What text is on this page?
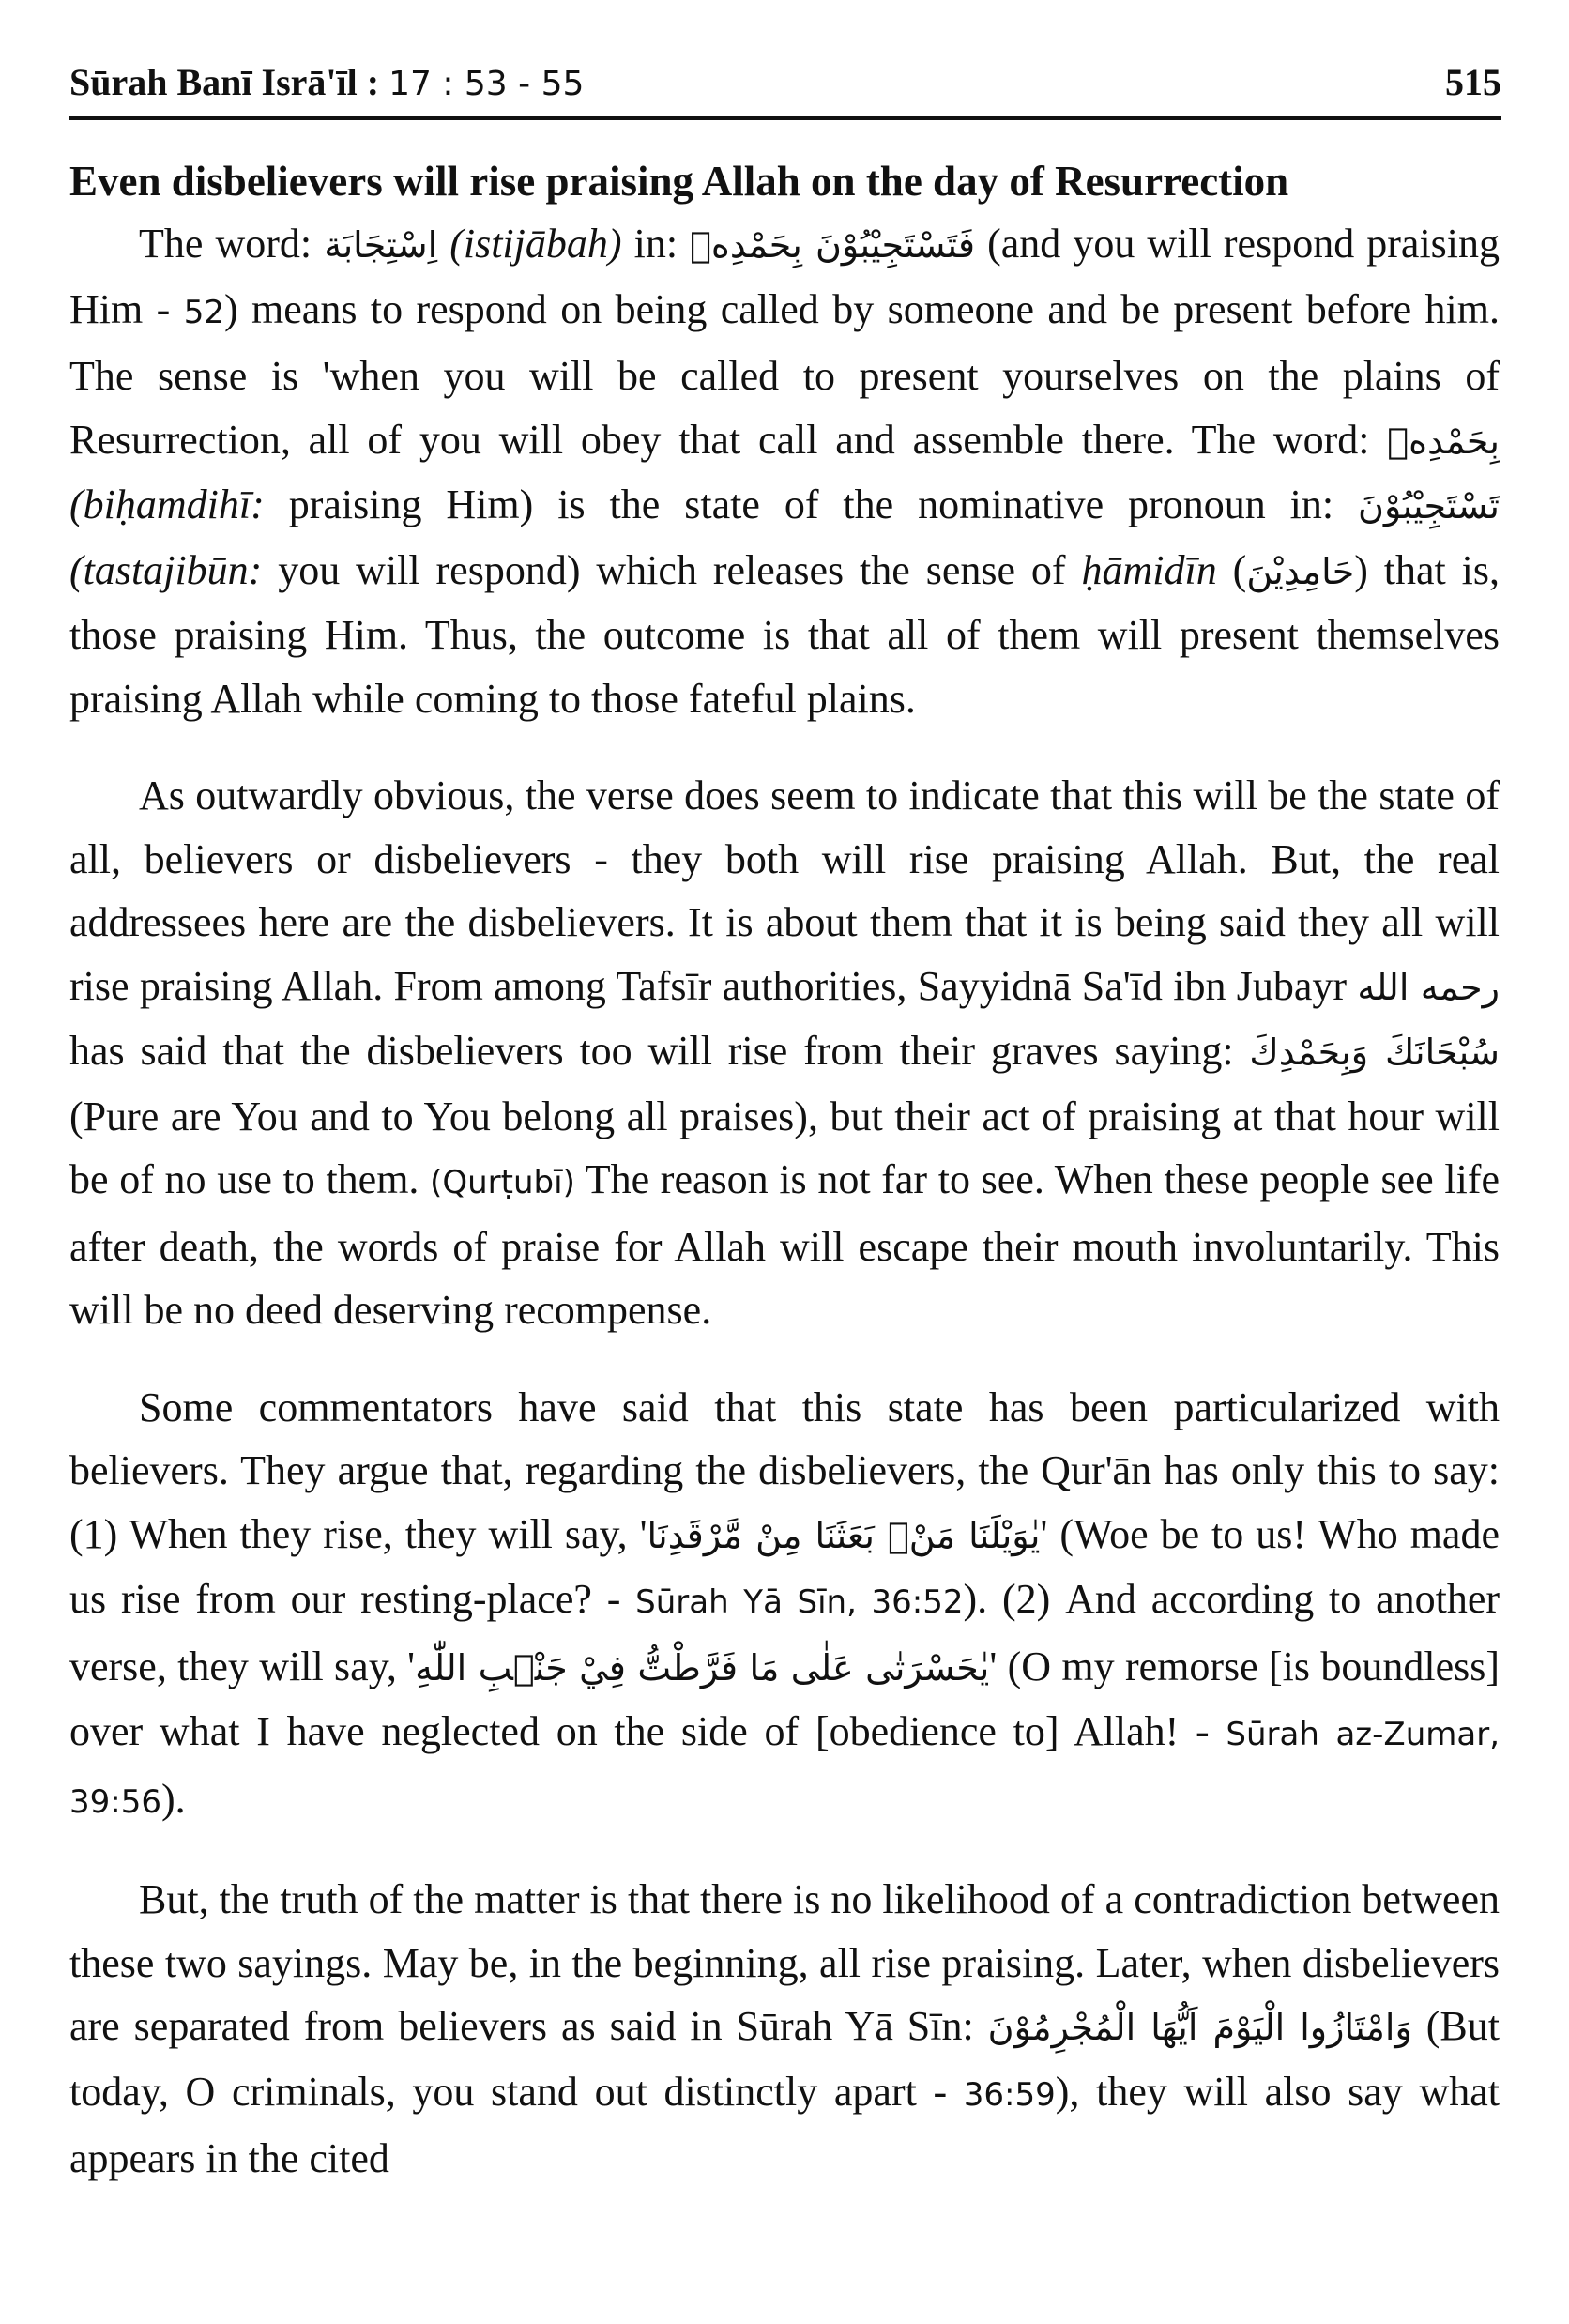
Sūrah Banī Isrā'īl : 17 : 53 - 55	515
Even disbelievers will rise praising Allah on the day of Resurrection

The word: اِسْتِجَابَة (istijābah) in: فَتَسْتَجِيْبُوْنَ بِحَمْدِهٖ (and you will respond praising Him - 52) means to respond on being called by someone and be present before him. The sense is 'when you will be called to present yourselves on the plains of Resurrection, all of you will obey that call and assemble there. The word: بِحَمْدِهٖ (biḥamdihī: praising Him) is the state of the nominative pronoun in: تَسْتَجِيْبُوْنَ (tastajibūn: you will respond) which releases the sense of ḥāmidīn (حَامِدِيْنَ) that is, those praising Him. Thus, the outcome is that all of them will present themselves praising Allah while coming to those fateful plains.

As outwardly obvious, the verse does seem to indicate that this will be the state of all, believers or disbelievers - they both will rise praising Allah. But, the real addressees here are the disbelievers. It is about them that it is being said they all will rise praising Allah. From among Tafsīr authorities, Sayyidnā Sa'īd ibn Jubayr رحمه الله has said that the disbelievers too will rise from their graves saying: سُبْحَانَكَ وَبِحَمْدِكَ (Pure are You and to You belong all praises), but their act of praising at that hour will be of no use to them. (Qurṭubī) The reason is not far to see. When these people see life after death, the words of praise for Allah will escape their mouth involuntarily. This will be no deed deserving recompense.

Some commentators have said that this state has been particularized with believers. They argue that, regarding the disbelievers, the Qur'ān has only this to say: (1) When they rise, they will say, 'يٰوَيْلَنَا مَنْۢ بَعَثَنَا مِنْ مَّرْقَدِنَا' (Woe be to us! Who made us rise from our resting-place? - Sūrah Yā Sīn, 36:52). (2) And according to another verse, they will say, 'يٰحَسْرَتٰى عَلٰى مَا فَرَّطْتُّ فِيْ جَنْۢبِ اللّٰهِ' (O my remorse [is boundless] over what I have neglected on the side of [obedience to] Allah! - Sūrah az-Zumar, 39:56).

But, the truth of the matter is that there is no likelihood of a contradiction between these two sayings. May be, in the beginning, all rise praising. Later, when disbelievers are separated from believers as said in Sūrah Yā Sīn: وَامْتَازُوا الْيَوْمَ اَيُّهَا الْمُجْرِمُوْنَ (But today, O criminals, you stand out distinctly apart - 36:59), they will also say what appears in the cited
